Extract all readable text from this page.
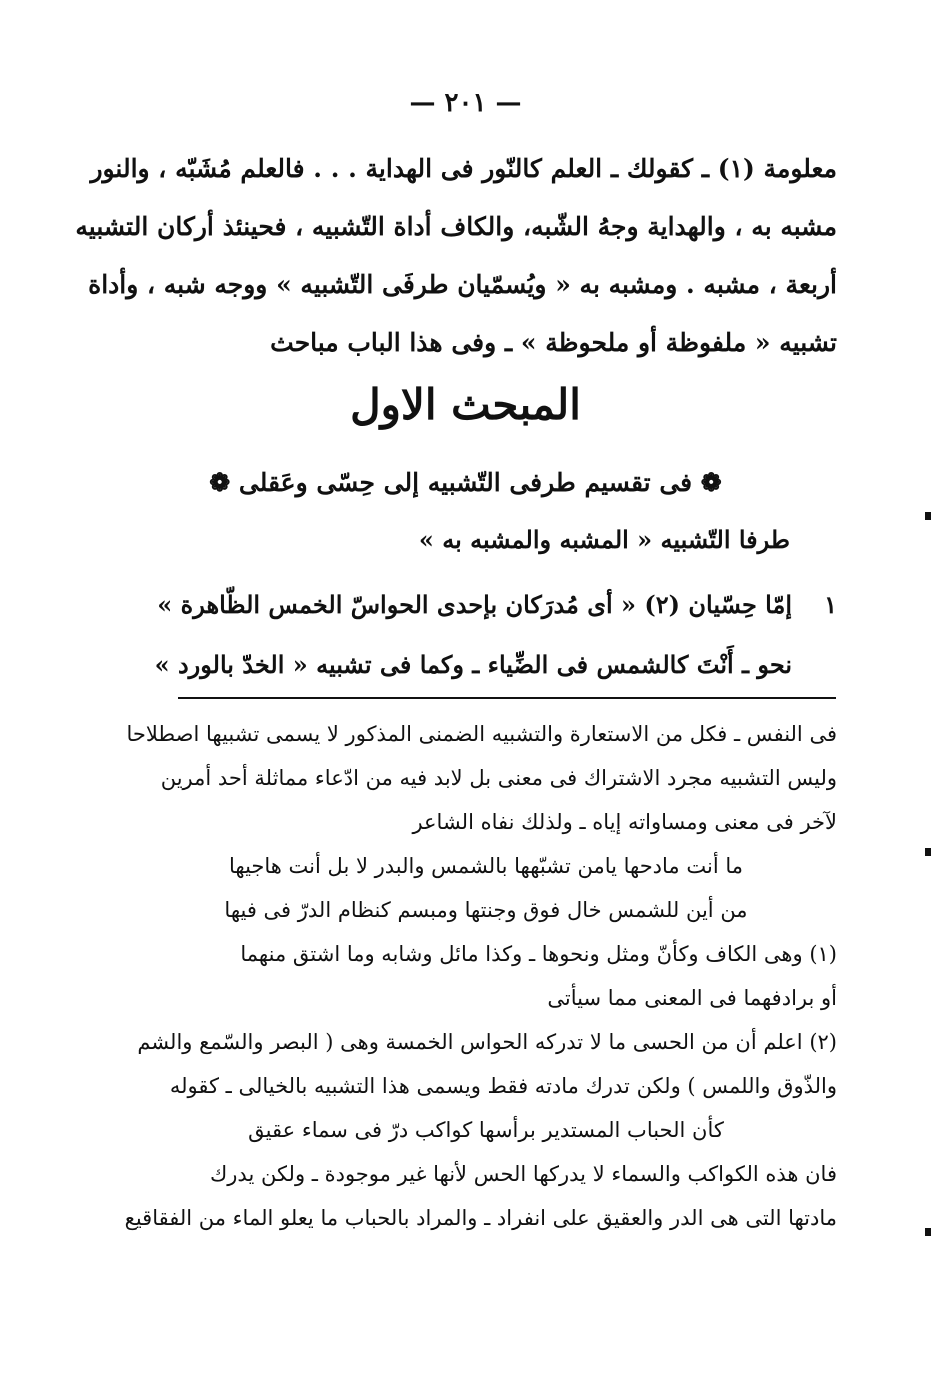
— ٢٠١ —
معلومة (١) ـ كقولك ـ العلم كالنّور فى الهداية . . . فالعلم مُشَبّه ، والنور
مشبه به ، والهداية وجهُ الشّبه، والكاف أداة التّشبيه ، فحينئذ أركان التشبيه
أربعة ، مشبه . ومشبه به « ويُسمّيان طرفَى التّشبيه » ووجه شبه ، وأداة
تشبيه « ملفوظة أو ملحوظة » ـ وفى هذا الباب مباحث
المبحث الاول
❁ فى تقسيم طرفى التّشبيه إلى حِسّى وعَقلى ❁
طرفا التّشبيه « المشبه والمشبه به »
١
إمّا حِسّيان (٢) « أى مُدرَكان بإحدى الحواسّ الخمس الظّاهرة »
نحو ـ أَنْتَ كالشمس فى الضِّياء ـ وكما فى تشبيه « الخدّ بالورد »
فى النفس ـ فكل من الاستعارة والتشبيه الضمنى المذكور لا يسمى تشبيها اصطلاحا
وليس التشبيه مجرد الاشتراك فى معنى بل لابد فيه من ادّعاء مماثلة أحد أمرين
لآخر فى معنى ومساواته إياه ـ ولذلك نفاه الشاعر
ما أنت مادحها يامن تشبّهها بالشمس والبدر لا بل أنت هاجيها
من أين للشمس خال فوق وجنتها ومبسم كنظام الدرّ فى فيها
(١) وهى الكاف وكأنّ ومثل ونحوها ـ وكذا مائل وشابه وما اشتق منهما
أو برادفهما فى المعنى مما سيأتى
(٢) اعلم أن من الحسى ما لا تدركه الحواس الخمسة وهى ( البصر والسّمع والشم
والذّوق واللمس ) ولكن تدرك مادته فقط ويسمى هذا التشبيه بالخيالى ـ كقوله
كأن الحباب المستدير برأسها كواكب درّ فى سماء عقيق
فان هذه الكواكب والسماء لا يدركها الحس لأنها غير موجودة ـ ولكن يدرك
مادتها التى هى الدر والعقيق على انفراد ـ والمراد بالحباب ما يعلو الماء من الفقاقيع
